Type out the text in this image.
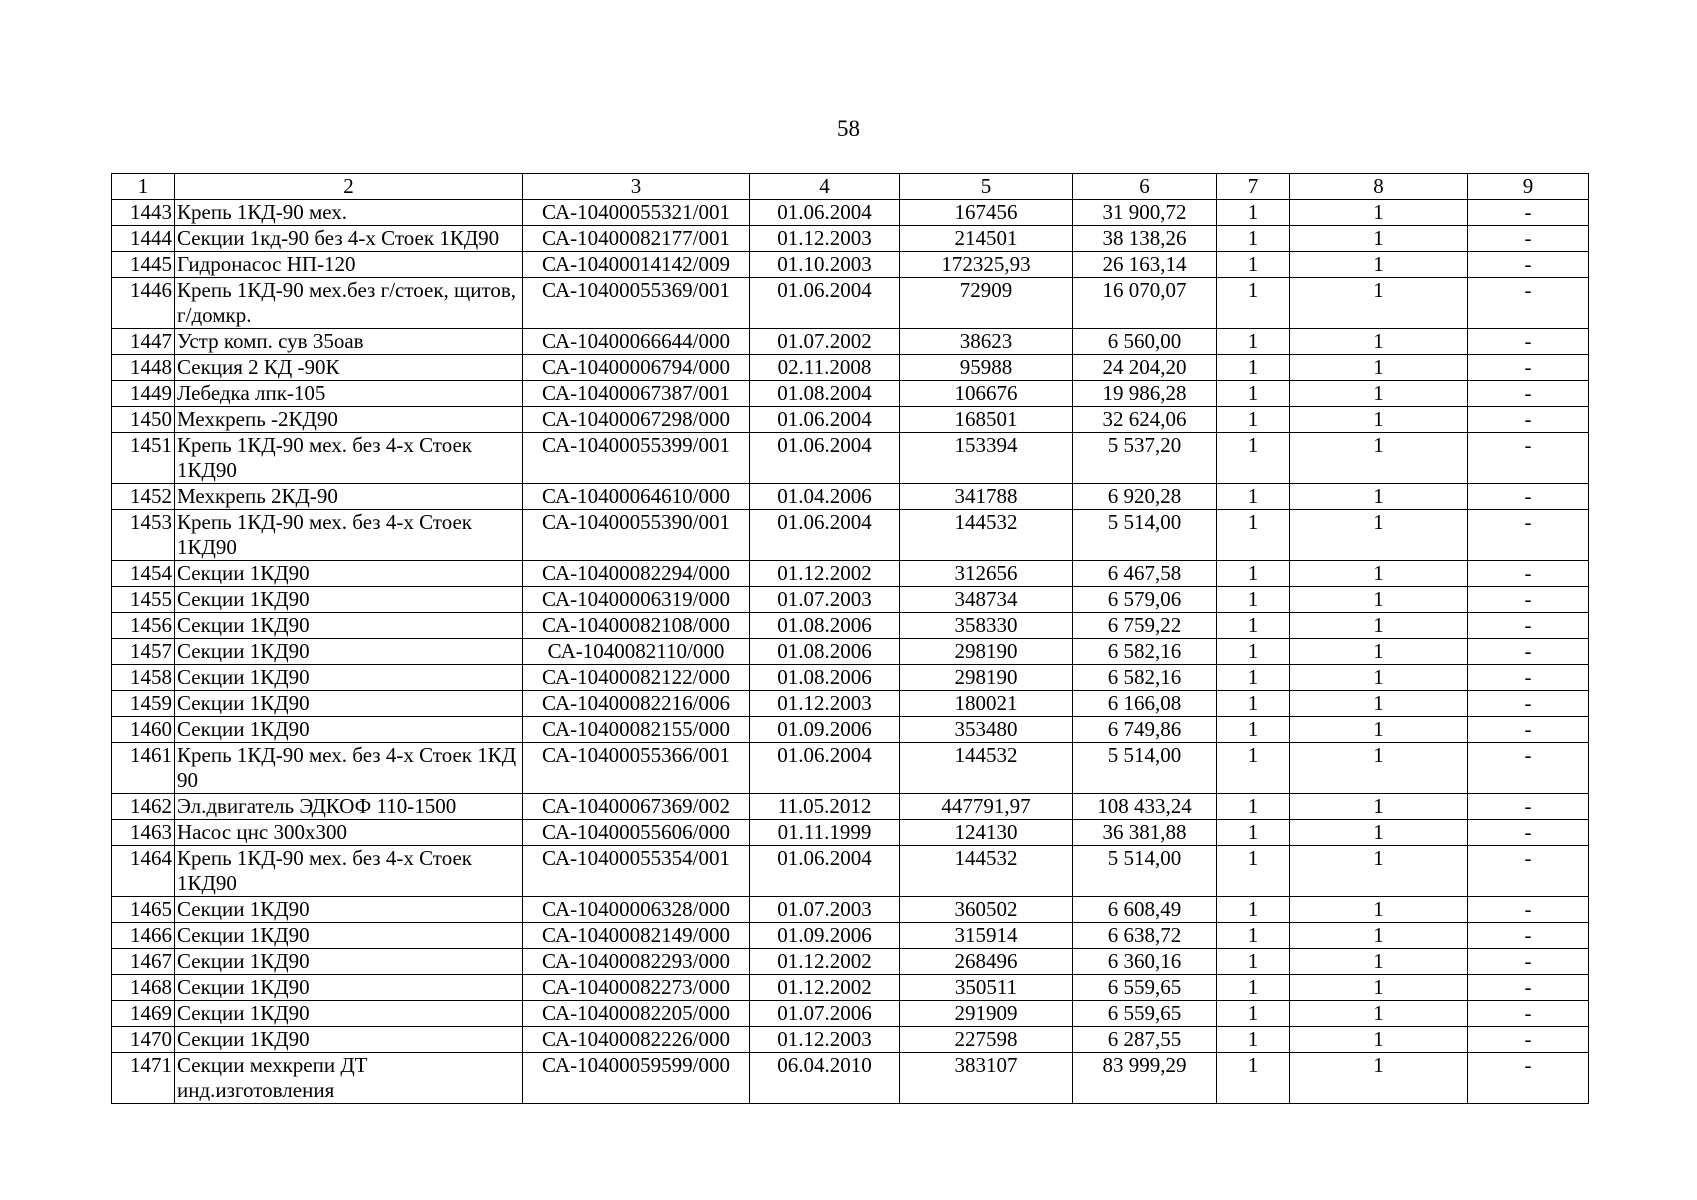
58
1	2	3	4	5	6	7	8	9
1443	Крепь 1КД-90 мех.	СА-10400055321/001	01.06.2004	167456	31 900,72	1	1	-
1444	Секции 1кд-90 без 4-х Стоек 1КД90	СА-10400082177/001	01.12.2003	214501	38 138,26	1	1	-
1445	Гидронасос НП-120	СА-10400014142/009	01.10.2003	172325,93	26 163,14	1	1	-
1446	Крепь 1КД-90 мех.без г/стоек, щитов, г/домкр.	СА-10400055369/001	01.06.2004	72909	16 070,07	1	1	-
1447	Устр комп. сув 35оав	СА-10400066644/000	01.07.2002	38623	6 560,00	1	1	-
1448	Секция 2 КД -90К	СА-10400006794/000	02.11.2008	95988	24 204,20	1	1	-
1449	Лебедка лпк-105	СА-10400067387/001	01.08.2004	106676	19 986,28	1	1	-
1450	Мехкрепь -2КД90	СА-10400067298/000	01.06.2004	168501	32 624,06	1	1	-
1451	Крепь 1КД-90 мех. без 4-х Стоек 1КД90	СА-10400055399/001	01.06.2004	153394	5 537,20	1	1	-
1452	Мехкрепь 2КД-90	СА-10400064610/000	01.04.2006	341788	6 920,28	1	1	-
1453	Крепь 1КД-90 мех. без 4-х Стоек 1КД90	СА-10400055390/001	01.06.2004	144532	5 514,00	1	1	-
1454	Секции 1КД90	СА-10400082294/000	01.12.2002	312656	6 467,58	1	1	-
1455	Секции 1КД90	СА-10400006319/000	01.07.2003	348734	6 579,06	1	1	-
1456	Секции 1КД90	СА-10400082108/000	01.08.2006	358330	6 759,22	1	1	-
1457	Секции 1КД90	СА-1040082110/000	01.08.2006	298190	6 582,16	1	1	-
1458	Секции 1КД90	СА-10400082122/000	01.08.2006	298190	6 582,16	1	1	-
1459	Секции 1КД90	СА-10400082216/006	01.12.2003	180021	6 166,08	1	1	-
1460	Секции 1КД90	СА-10400082155/000	01.09.2006	353480	6 749,86	1	1	-
1461	Крепь 1КД-90 мех. без 4-х Стоек 1КД 90	СА-10400055366/001	01.06.2004	144532	5 514,00	1	1	-
1462	Эл.двигатель ЭДКОФ 110-1500	СА-10400067369/002	11.05.2012	447791,97	108 433,24	1	1	-
1463	Насос цнс 300х300	СА-10400055606/000	01.11.1999	124130	36 381,88	1	1	-
1464	Крепь 1КД-90 мех. без 4-х Стоек 1КД90	СА-10400055354/001	01.06.2004	144532	5 514,00	1	1	-
1465	Секции 1КД90	СА-10400006328/000	01.07.2003	360502	6 608,49	1	1	-
1466	Секции 1КД90	СА-10400082149/000	01.09.2006	315914	6 638,72	1	1	-
1467	Секции 1КД90	СА-10400082293/000	01.12.2002	268496	6 360,16	1	1	-
1468	Секции 1КД90	СА-10400082273/000	01.12.2002	350511	6 559,65	1	1	-
1469	Секции 1КД90	СА-10400082205/000	01.07.2006	291909	6 559,65	1	1	-
1470	Секции 1КД90	СА-10400082226/000	01.12.2003	227598	6 287,55	1	1	-
1471	Секции мехкрепи ДТ инд.изготовления	СА-10400059599/000	06.04.2010	383107	83 999,29	1	1	-
